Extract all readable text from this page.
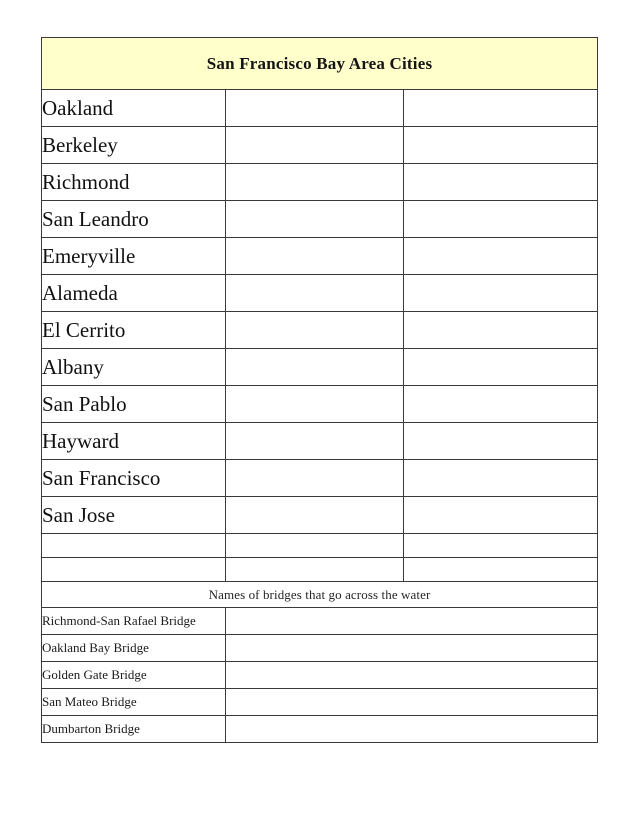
San Francisco Bay Area Cities		
Oakland		
Berkeley		
Richmond		
San Leandro		
Emeryville		
Alameda		
El Cerrito		
Albany		
San Pablo		
Hayward		
San Francisco		
San Jose		

Names of bridges that go across the water		
Richmond-San Rafael Bridge		
Oakland Bay Bridge		
Golden Gate Bridge		
San Mateo Bridge		
Dumbarton Bridge		
